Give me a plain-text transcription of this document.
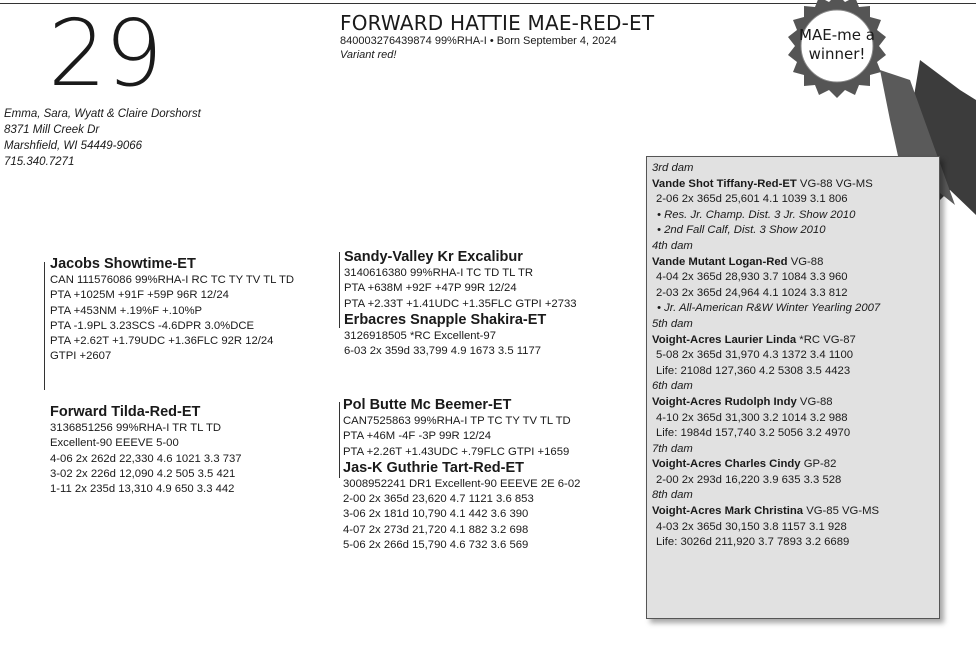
29
Emma, Sara, Wyatt & Claire Dorshorst
8371 Mill Creek Dr
Marshfield, WI 54449-9066
715.340.7271
FORWARD HATTIE MAE-RED-ET
840003276439874 99%RHA-I • Born September 4, 2024
Variant red!
MAE-me a
winner!
Jacobs Showtime-ET
CAN 111576086 99%RHA-I RC TC TY TV TL TD
PTA +1025M +91F +59P 96R 12/24
PTA +453NM +.19%F +.10%P
PTA -1.9PL 3.23SCS -4.6DPR 3.0%DCE
PTA +2.62T +1.79UDC +1.36FLC 92R 12/24
GTPI +2607
Forward Tilda-Red-ET
3136851256 99%RHA-I TR TL TD
Excellent-90 EEEVE 5-00
4-06 2x 262d 22,330 4.6 1021 3.3 737
3-02 2x 226d 12,090 4.2 505 3.5 421
1-11 2x 235d 13,310 4.9 650 3.3 442
Sandy-Valley Kr Excalibur
3140616380 99%RHA-I TC TD TL TR
PTA +638M +92F +47P 99R 12/24
PTA +2.33T +1.41UDC +1.35FLC GTPI +2733
Erbacres Snapple Shakira-ET
3126918505 *RC Excellent-97
6-03 2x 359d 33,799 4.9 1673 3.5 1177
Pol Butte Mc Beemer-ET
CAN7525863 99%RHA-I TP TC TY TV TL TD
PTA +46M -4F -3P 99R 12/24
PTA +2.26T +1.43UDC +.79FLC GTPI +1659
Jas-K Guthrie Tart-Red-ET
3008952241 DR1 Excellent-90 EEEVE 2E 6-02
2-00 2x 365d 23,620 4.7 1121 3.6 853
3-06 2x 181d 10,790 4.1 442 3.6 390
4-07 2x 273d 21,720 4.1 882 3.2 698
5-06 2x 266d 15,790 4.6 732 3.6 569
3rd dam
Vande Shot Tiffany-Red-ET VG-88 VG-MS
2-06 2x 365d 25,601 4.1 1039 3.1 806
• Res. Jr. Champ. Dist. 3 Jr. Show 2010
• 2nd Fall Calf, Dist. 3 Show 2010
4th dam
Vande Mutant Logan-Red VG-88
4-04 2x 365d 28,930 3.7 1084 3.3 960
2-03 2x 365d 24,964 4.1 1024 3.3 812
• Jr. All-American R&W Winter Yearling 2007
5th dam
Voight-Acres Laurier Linda *RC VG-87
5-08 2x 365d 31,970 4.3 1372 3.4 1100
Life: 2108d 127,360 4.2 5308 3.5 4423
6th dam
Voight-Acres Rudolph Indy VG-88
4-10 2x 365d 31,300 3.2 1014 3.2 988
Life: 1984d 157,740 3.2 5056 3.2 4970
7th dam
Voight-Acres Charles Cindy GP-82
2-00 2x 293d 16,220 3.9 635 3.3 528
8th dam
Voight-Acres Mark Christina VG-85 VG-MS
4-03 2x 365d 30,150 3.8 1157 3.1 928
Life: 3026d 211,920 3.7 7893 3.2 6689
